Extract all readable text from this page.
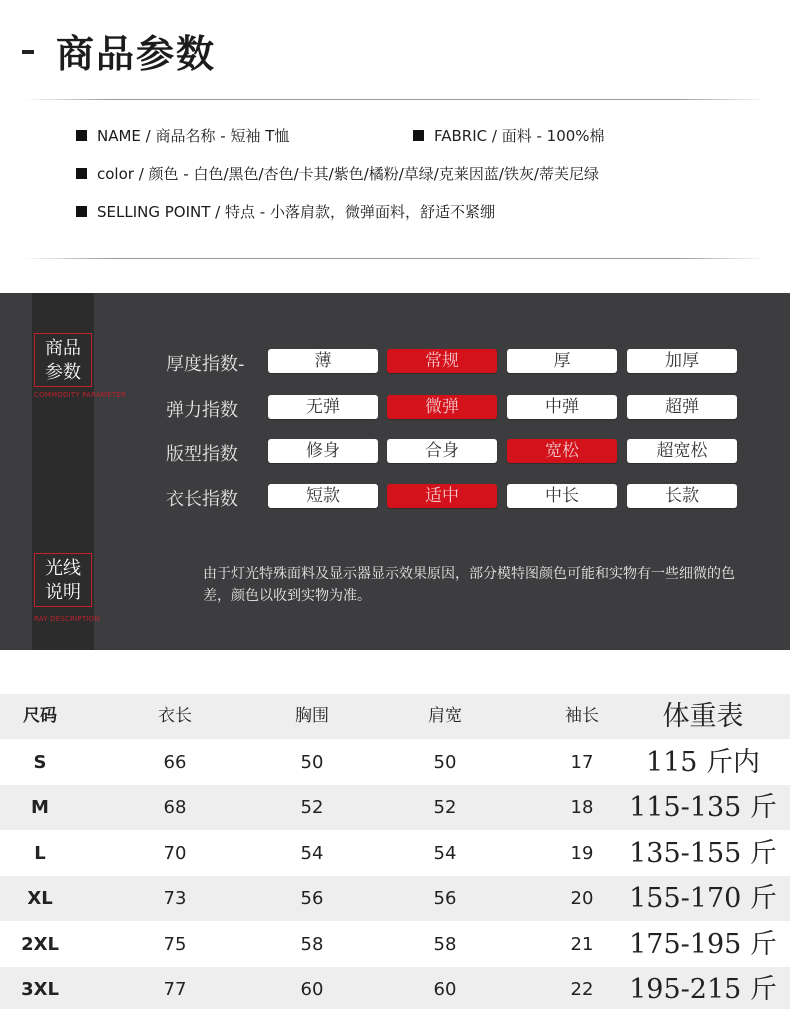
商品参数
NAME / 商品名称 - 短袖 T恤	FABRIC / 面料 - 100%棉
color / 颜色 - 白色/黑色/杏色/卡其/紫色/橘粉/草绿/克莱因蓝/铁灰/蒂芙尼绿
SELLING POINT / 特点 - 小落肩款，微弹面料，舒适不紧绷
商品
参数
COMMODITY PARAMETER
光线
说明
RAY DESCRIPTION
厚度指数-	薄	常规	厚	加厚
弹力指数	无弹	微弹	中弹	超弹
版型指数	修身	合身	宽松	超宽松
衣长指数	短款	适中	中长	长款
由于灯光特殊面料及显示器显示效果原因，部分模特图颜色可能和实物有一些细微的色差，颜色以收到实物为准。
尺码	衣长	胸围	肩宽	袖长	体重表
S	66	50	50	17	115 斤内
M	68	52	52	18	115-135 斤
L	70	54	54	19	135-155 斤
XL	73	56	56	20	155-170 斤
2XL	75	58	58	21	175-195 斤
3XL	77	60	60	22	195-215 斤
